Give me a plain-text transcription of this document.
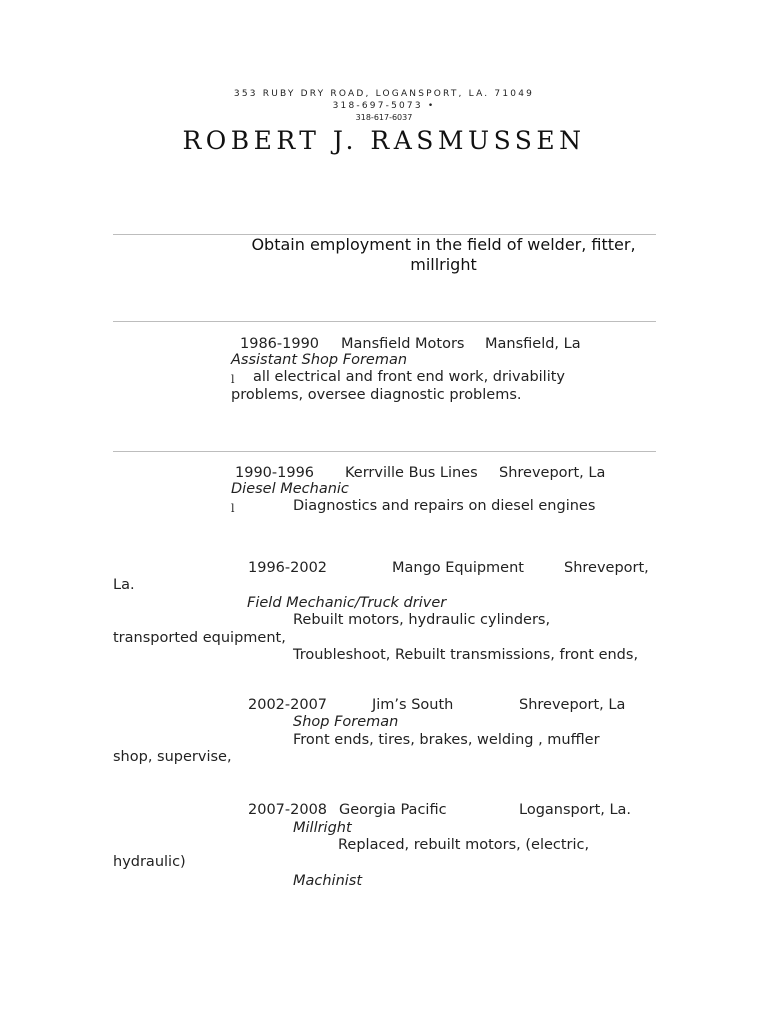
353 RUBY DRY ROAD, LOGANSPORT, LA. 71049
318-697-5073 •
318-617-6037
ROBERT J. RASMUSSEN
Obtain employment in the field of welder, fitter, millright
1986-1990 Mansfield Motors Mansfield, La
Assistant Shop Foreman
l all electrical and front end work, drivability
problems, oversee diagnostic problems.
1990-1996 Kerrville Bus Lines Shreveport, La
Diesel Mechanic
l	Diagnostics and repairs on diesel engines
1996-2002	Mango Equipment	Shreveport,
La.
Field Mechanic/Truck driver
Rebuilt motors, hydraulic cylinders,
transported equipment,
Troubleshoot, Rebuilt transmissions, front ends,
2002-2007	Jim’s South	Shreveport, La
Shop Foreman
Front ends, tires, brakes, welding , muffler
shop, supervise,
2007-2008 Georgia Pacific	Logansport, La.
Millright
Replaced, rebuilt motors, (electric,
hydraulic)
Machinist
